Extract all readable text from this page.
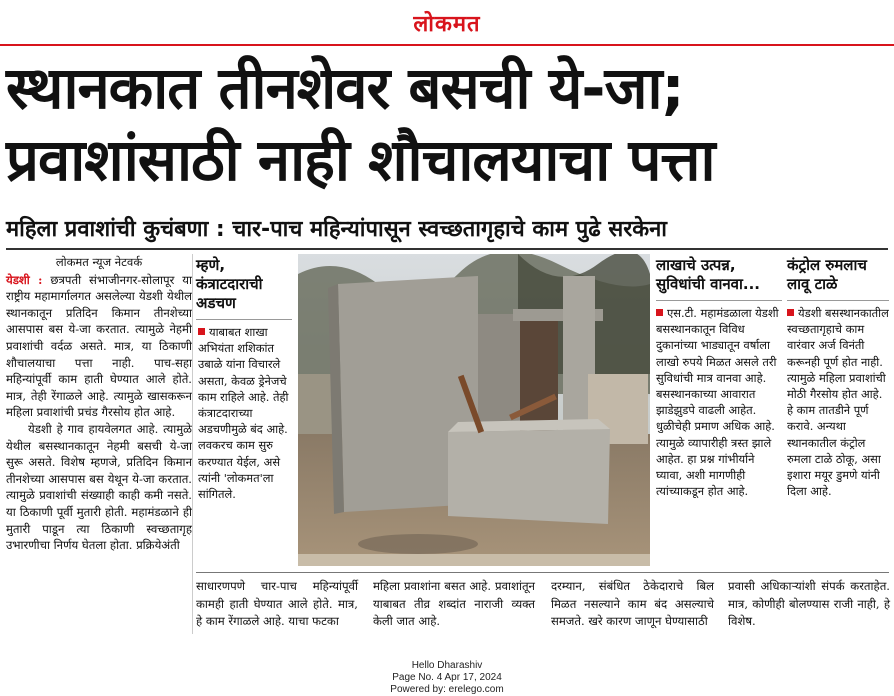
लोकमत
स्थानकात तीनशेवर बसची ये-जा;
प्रवाशांसाठी नाही शौचालयाचा पत्ता
महिला प्रवाशांची कुचंबणा : चार-पाच महिन्यांपासून स्वच्छतागृहाचे काम पुढे सरकेना
लोकमत न्यूज नेटवर्क

येडशी : छत्रपती संभाजीनगर-सोलापूर या राष्ट्रीय महामार्गालगत असलेल्या येडशी येथील स्थानकातून प्रतिदिन किमान तीनशेच्या आसपास बस ये-जा करतात. त्यामुळे नेहमी प्रवाशांची वर्दळ असते. मात्र, या ठिकाणी शौचालयाचा पत्ता नाही. पाच-सहा महिन्यांपूर्वी काम हाती घेण्यात आले होते. मात्र, तेही रेंगाळले आहे. त्यामुळे खासकरून महिला प्रवाशांची प्रचंड गैरसोय होत आहे.

येडशी हे गाव हायवेलगत आहे. त्यामुळे येथील बसस्थानकातून नेहमी बसची ये-जा सुरू असते. विशेष म्हणजे, प्रतिदिन किमान तीनशेच्या आसपास बस येथून ये-जा करतात. त्यामुळे प्रवाशांची संख्याही काही कमी नसते. या ठिकाणी पूर्वी मुतारी होती. महामंडळाने ही मुतारी पाडून त्या ठिकाणी स्वच्छतागृह उभारणीचा निर्णय घेतला होता. प्रक्रियेअंती

म्हणे, कंत्राटदाराची अडचण
याबाबत शाखा अभियंता शशिकांत उबाळे यांना विचारले असता, केवळ ड्रेनेजचे काम राहिले आहे. तेही कंत्राटदाराच्या अडचणीमुळे बंद आहे. लवकरच काम सुरु करण्यात येईल, असे त्यांनी 'लोकमत'ला सांगितले.
लाखाचे उत्पन्न, सुविधांची वानवा...
एस.टी. महामंडळाला येडशी बसस्थानकातून विविध दुकानांच्या भाड्यातून वर्षाला लाखो रुपये मिळत असले तरी सुविधांची मात्र वानवा आहे. बसस्थानकाच्या आवारात झाडेझुडपे वाढली आहेत. धुळीचेही प्रमाण अधिक आहे. त्यामुळे व्यापारीही त्रस्त झाले आहेत. हा प्रश्न गांभीर्याने घ्यावा, अशी मागणीही त्यांच्याकडून होत आहे.
कंट्रोल रुमलाच लावू टाळे
येडशी बसस्थानकातील स्वच्छतागृहाचे काम वारंवार अर्ज विनंती करूनही पूर्ण होत नाही. त्यामुळे महिला प्रवाशांची मोठी गैरसोय होत आहे. हे काम तातडीने पूर्ण करावे. अन्यथा स्थानकातील कंट्रोल रुमला टाळे ठोकू, असा इशारा मयूर डुमणे यांनी दिला आहे.
साधारणपणे चार-पाच महिन्यांपूर्वी कामही हाती घेण्यात आले होते. मात्र, हे काम रेंगाळले आहे. याचा फटका
महिला प्रवाशांना बसत आहे. प्रवाशांतून याबाबत तीव्र शब्दांत नाराजी व्यक्त केली जात आहे.
दरम्यान, संबंधित ठेकेदाराचे बिल मिळत नसल्याने काम बंद असल्याचे समजते. खरे कारण जाणून घेण्यासाठी
प्रवासी अधिकाऱ्यांशी संपर्क करताहेत. मात्र, कोणीही बोलण्यास राजी नाही, हे विशेष.
Hello Dharashiv
Page No. 4 Apr 17, 2024
Powered by: erelego.com
